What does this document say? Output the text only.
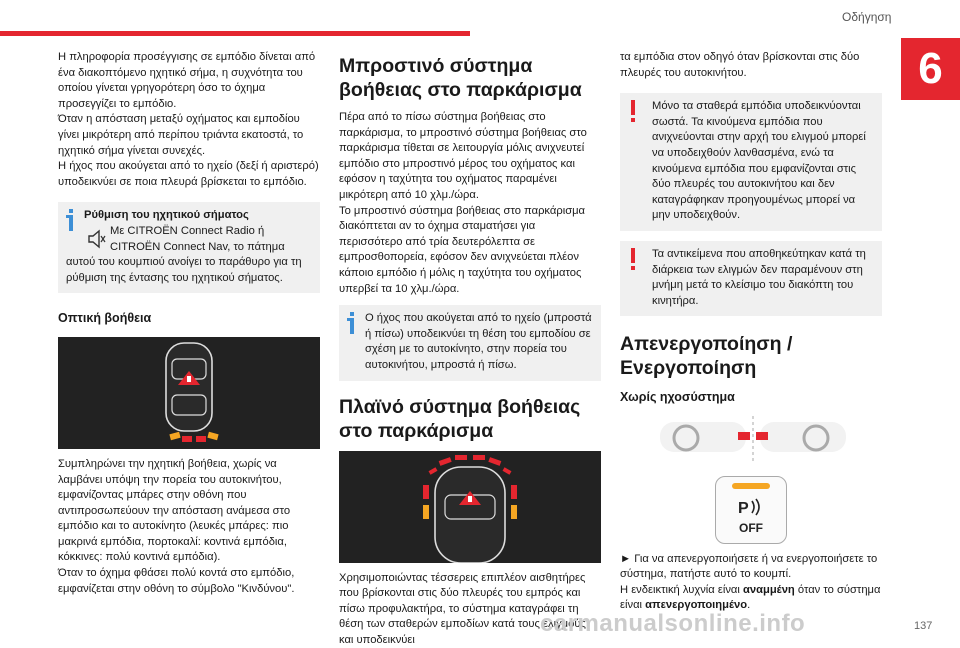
Οδήγηση
6

Η πληροφορία προσέγγισης σε εμπόδιο δίνεται από ένα διακοπτόμενο ηχητικό σήμα, η συχνότητα του οποίου γίνεται γρηγορότερη όσο το όχημα προσεγγίζει το εμπόδιο.

Όταν η απόσταση μεταξύ οχήματος και εμποδίου γίνει μικρότερη από περίπου τριάντα εκατοστά, το ηχητικό σήμα γίνεται συνεχές.

Η ήχος που ακούγεται από το ηχείο (δεξί ή αριστερό) υποδεικνύει σε ποια πλευρά βρίσκεται το εμπόδιο.

Ρύθμιση του ηχητικού σήματος
Με CITROËN Connect Radio ή CITROËN Connect Nav, το πάτημα
αυτού του κουμπιού ανοίγει το παράθυρο για τη ρύθμιση της έντασης του ηχητικού σήματος.
Οπτική βοήθεια

Συμπληρώνει την ηχητική βοήθεια, χωρίς να λαμβάνει υπόψη την πορεία του αυτοκινήτου, εμφανίζοντας μπάρες στην οθόνη που αντιπροσωπεύουν την απόσταση ανάμεσα στο εμπόδιο και το αυτοκίνητο (λευκές μπάρες: πιο μακρινά εμπόδια, πορτοκαλί: κοντινά εμπόδια, κόκκινες: πολύ κοντινά εμπόδια).

Όταν το όχημα φθάσει πολύ κοντά στο εμπόδιο, εμφανίζεται στην οθόνη το σύμβολο "Κινδύνου".

Μπροστινό σύστημα βοήθειας στο παρκάρισμα

Πέρα από το πίσω σύστημα βοήθειας στο παρκάρισμα, το μπροστινό σύστημα βοήθειας στο παρκάρισμα τίθεται σε λειτουργία μόλις ανιχνευτεί εμπόδιο στο μπροστινό μέρος του οχήματος και εφόσον η ταχύτητα του οχήματος παραμένει μικρότερη από 10 χλμ./ώρα.

Το μπροστινό σύστημα βοήθειας στο παρκάρισμα διακόπτεται αν το όχημα σταματήσει για περισσότερο από τρία δευτερόλεπτα σε εμπροσθοπορεία, εφόσον δεν ανιχνεύεται πλέον κάποιο εμπόδιο ή μόλις η ταχύτητα του οχήματος υπερβεί τα 10 χλμ./ώρα.

Ο ήχος που ακούγεται από το ηχείο (μπροστά ή πίσω) υποδεικνύει τη θέση του εμποδίου σε σχέση με το αυτοκίνητο, στην πορεία του αυτοκινήτου, μπροστά ή πίσω.
Πλαϊνό σύστημα βοήθειας στο παρκάρισμα

Χρησιμοποιώντας τέσσερεις επιπλέον αισθητήρες που βρίσκονται στις δύο πλευρές του εμπρός και πίσω προφυλακτήρα, το σύστημα καταγράφει τη θέση των σταθερών εμποδίων κατά τους ελιγμούς και υποδεικνύει

τα εμπόδια στον οδηγό όταν βρίσκονται στις δύο πλευρές του αυτοκινήτου.

Μόνο τα σταθερά εμπόδια υποδεικνύονται σωστά. Τα κινούμενα εμπόδια που ανιχνεύονται στην αρχή του ελιγμού μπορεί να υποδειχθούν λανθασμένα, ενώ τα κινούμενα εμπόδια που εμφανίζονται στις δύο πλευρές του αυτοκινήτου και δεν καταγράφηκαν προηγουμένως μπορεί να μην υποδειχθούν.
Τα αντικείμενα που αποθηκεύτηκαν κατά τη διάρκεια των ελιγμών δεν παραμένουν στη μνήμη μετά το κλείσιμο του διακόπτη του κινητήρα.
Απενεργοποίηση / Ενεργοποίηση
Χωρίς ηχοσύστημα
P
OFF

► Για να απενεργοποιήσετε ή να ενεργοποιήσετε το σύστημα, πατήστε αυτό το κουμπί.

Η ενδεικτική λυχνία είναι αναμμένη όταν το σύστημα είναι απενεργοποιημένο.

carmanualsonline.info	137
